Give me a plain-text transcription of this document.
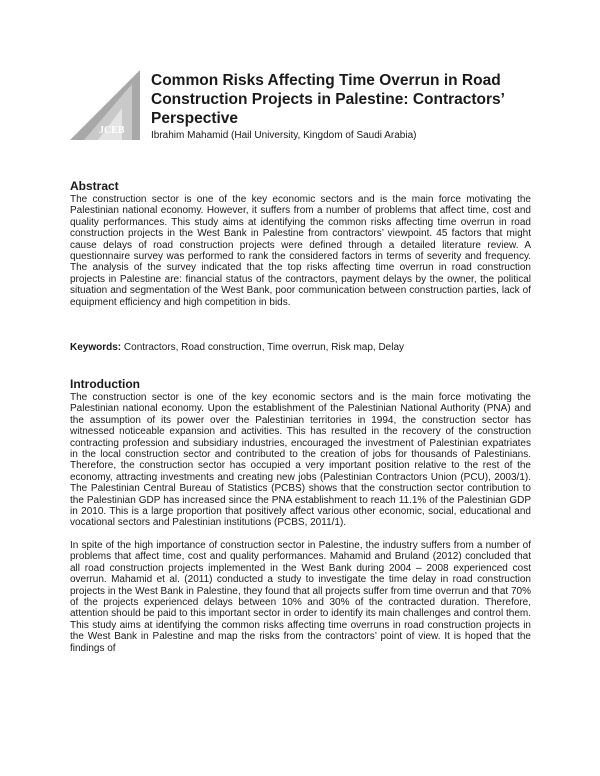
JCEB
Common Risks Affecting Time Overrun in Road Construction Projects in Palestine: Contractors’ Perspective
Ibrahim Mahamid (Hail University, Kingdom of Saudi Arabia)
Abstract

The construction sector is one of the key economic sectors and is the main force motivating the Palestinian national economy. However, it suffers from a number of problems that affect time, cost and quality performances. This study aims at identifying the common risks affecting time overrun in road construction projects in the West Bank in Palestine from contractors’ viewpoint. 45 factors that might cause delays of road construction projects were defined through a detailed literature review. A questionnaire survey was performed to rank the considered factors in terms of severity and frequency. The analysis of the survey indicated that the top risks affecting time overrun in road construction projects in Palestine are: financial status of the contractors, payment delays by the owner, the political situation and segmentation of the West Bank, poor communication between construction parties, lack of equipment efficiency and high competition in bids.

Keywords: Contractors, Road construction, Time overrun, Risk map, Delay
Introduction

The construction sector is one of the key economic sectors and is the main force motivating the Palestinian national economy. Upon the establishment of the Palestinian National Authority (PNA) and the assumption of its power over the Palestinian territories in 1994, the construction sector has witnessed noticeable expansion and activities. This has resulted in the recovery of the construction contracting profession and subsidiary industries, encouraged the investment of Palestinian expatriates in the local construction sector and contributed to the creation of jobs for thousands of Palestinians. Therefore, the construction sector has occupied a very important position relative to the rest of the economy, attracting investments and creating new jobs (Palestinian Contractors Union (PCU), 2003/1). The Palestinian Central Bureau of Statistics (PCBS) shows that the construction sector contribution to the Palestinian GDP has increased since the PNA establishment to reach 11.1% of the Palestinian GDP in 2010. This is a large proportion that positively affect various other economic, social, educational and vocational sectors and Palestinian institutions (PCBS, 2011/1).

In spite of the high importance of construction sector in Palestine, the industry suffers from a number of problems that affect time, cost and quality performances. Mahamid and Bruland (2012) concluded that all road construction projects implemented in the West Bank during 2004 – 2008 experienced cost overrun. Mahamid et al. (2011) conducted a study to investigate the time delay in road construction projects in the West Bank in Palestine, they found that all projects suffer from time overrun and that 70% of the projects experienced delays between 10% and 30% of the contracted duration. Therefore, attention should be paid to this important sector in order to identify its main challenges and control them. This study aims at identifying the common risks affecting time overruns in road construction projects in the West Bank in Palestine and map the risks from the contractors’ point of view. It is hoped that the findings of
